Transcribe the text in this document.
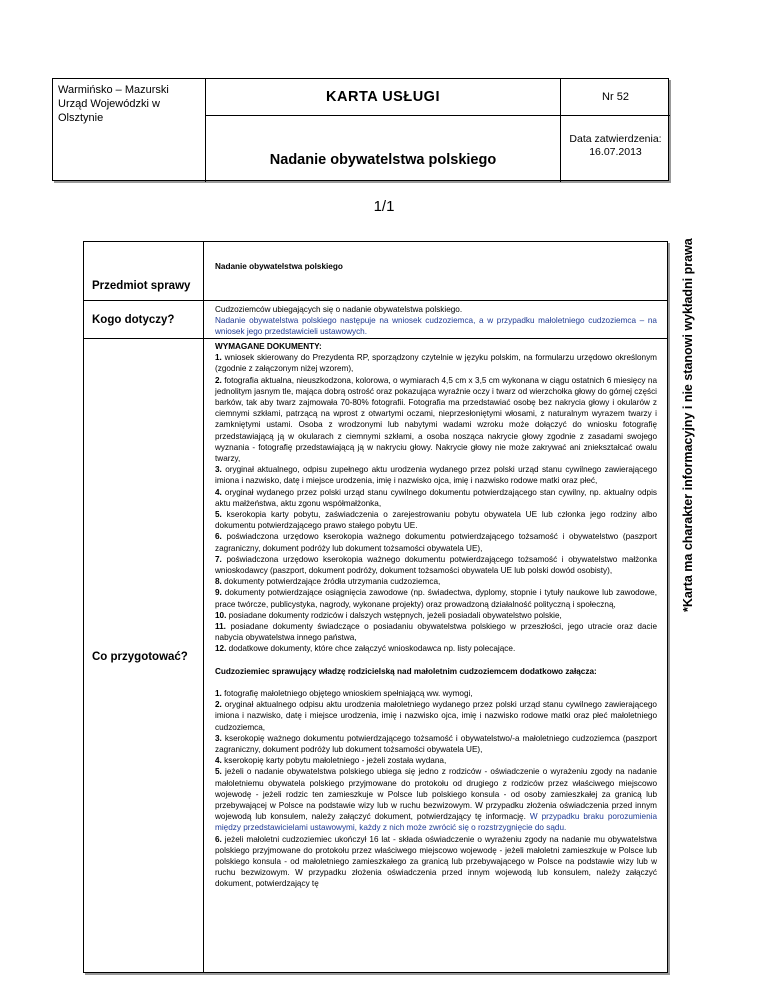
Warmińsko – Mazurski Urząd Wojewódzki w Olsztynie
KARTA USŁUGI	Nr 52
Nadanie obywatelstwa polskiego
Data zatwierdzenia:
16.07.2013
1/1
Przedmiot sprawy

Nadanie obywatelstwa polskiego

Kogo dotyczy?

Cudzoziemców ubiegających się o nadanie obywatelstwa polskiego.

Nadanie obywatelstwa polskiego następuje na wniosek cudzoziemca, a w przypadku małoletniego cudzoziemca – na wniosek jego przedstawicieli ustawowych.

Co przygotować?

WYMAGANE DOKUMENTY:

1. wniosek skierowany do Prezydenta RP, sporządzony czytelnie w języku polskim, na formularzu urzędowo określonym (zgodnie z załączonym niżej wzorem),

2. fotografia aktualna, nieuszkodzona, kolorowa, o wymiarach 4,5 cm x 3,5 cm wykonana w ciągu ostatnich 6 miesięcy na jednolitym jasnym tle, mająca dobrą ostrość oraz pokazująca wyraźnie oczy i twarz od wierzchołka głowy do górnej części barków, tak aby twarz zajmowała 70-80% fotografii. Fotografia ma przedstawiać osobę bez nakrycia głowy i okularów z ciemnymi szkłami, patrzącą na wprost z otwartymi oczami, nieprzesłoniętymi włosami, z naturalnym wyrazem twarzy i zamkniętymi ustami. Osoba z wrodzonymi lub nabytymi wadami wzroku może dołączyć do wniosku fotografię przedstawiającą ją w okularach z ciemnymi szkłami, a osoba nosząca nakrycie głowy zgodnie z zasadami swojego wyznania - fotografię przedstawiającą ją w nakryciu głowy. Nakrycie głowy nie może zakrywać ani zniekształcać owalu twarzy,

3. oryginał aktualnego, odpisu zupełnego aktu urodzenia wydanego przez polski urząd stanu cywilnego zawierającego imiona i nazwisko, datę i miejsce urodzenia, imię i nazwisko ojca, imię i nazwisko rodowe matki oraz płeć,

4. oryginał wydanego przez polski urząd stanu cywilnego dokumentu potwierdzającego stan cywilny, np. aktualny odpis aktu małżeństwa, aktu zgonu współmałżonka,

5. kserokopia karty pobytu, zaświadczenia o zarejestrowaniu pobytu obywatela UE lub członka jego rodziny albo dokumentu potwierdzającego prawo stałego pobytu UE.

6. poświadczona urzędowo kserokopia ważnego dokumentu potwierdzającego tożsamość i obywatelstwo (paszport zagraniczny, dokument podróży lub dokument tożsamości obywatela UE),

7. poświadczona urzędowo kserokopia ważnego dokumentu potwierdzającego tożsamość i obywatelstwo małżonka wnioskodawcy (paszport, dokument podróży, dokument tożsamości obywatela UE lub polski dowód osobisty),

8. dokumenty potwierdzające źródła utrzymania cudzoziemca,

9. dokumenty potwierdzające osiągnięcia zawodowe (np. świadectwa, dyplomy, stopnie i tytuły naukowe lub zawodowe, prace twórcze, publicystyka, nagrody, wykonane projekty) oraz prowadzoną działalność polityczną i społeczną,

10. posiadane dokumenty rodziców i dalszych wstępnych, jeżeli posiadali obywatelstwo polskie,

11. posiadane dokumenty świadczące o posiadaniu obywatelstwa polskiego w przeszłości, jego utracie oraz dacie nabycia obywatelstwa innego państwa,

12. dodatkowe dokumenty, które chce załączyć wnioskodawca np. listy polecające.

Cudzoziemiec sprawujący władzę rodzicielską nad małoletnim cudzoziemcem dodatkowo załącza:

1. fotografię małoletniego objętego wnioskiem spełniającą ww. wymogi,

2. oryginał aktualnego odpisu aktu urodzenia małoletniego wydanego przez polski urząd stanu cywilnego zawierającego imiona i nazwisko, datę i miejsce urodzenia, imię i nazwisko ojca, imię i nazwisko rodowe matki oraz płeć małoletniego cudzoziemca,

3. kserokopię ważnego dokumentu potwierdzającego tożsamość i obywatelstwo/-a małoletniego cudzoziemca (paszport zagraniczny, dokument podróży lub dokument tożsamości obywatela UE),

4. kserokopię karty pobytu małoletniego - jeżeli została wydana,

5. jeżeli o nadanie obywatelstwa polskiego ubiega się jedno z rodziców - oświadczenie o wyrażeniu zgody na nadanie małoletniemu obywatela polskiego przyjmowane do protokołu od drugiego z rodziców przez właściwego miejscowo wojewodę - jeżeli rodzic ten zamieszkuje w Polsce lub polskiego konsula - od osoby zamieszkałej za granicą lub przebywającej w Polsce na podstawie wizy lub w ruchu bezwizowym. W przypadku złożenia oświadczenia przed innym wojewodą lub konsulem, należy załączyć dokument, potwierdzający tę informację. W przypadku braku porozumienia między przedstawicielami ustawowymi, każdy z nich może zwrócić się o rozstrzygnięcie do sądu.

6. jeżeli małoletni cudzoziemiec ukończył 16 lat - składa oświadczenie o wyrażeniu zgody na nadanie mu obywatelstwa polskiego przyjmowane do protokołu przez właściwego miejscowo wojewodę - jeżeli małoletni zamieszkuje w Polsce lub polskiego konsula - od małoletniego zamieszkałego za granicą lub przebywającego w Polsce na podstawie wizy lub w ruchu bezwizowym. W przypadku złożenia oświadczenia przed innym wojewodą lub konsulem, należy załączyć dokument, potwierdzający tę

*Karta ma charakter informacyjny i nie stanowi wykładni prawa
